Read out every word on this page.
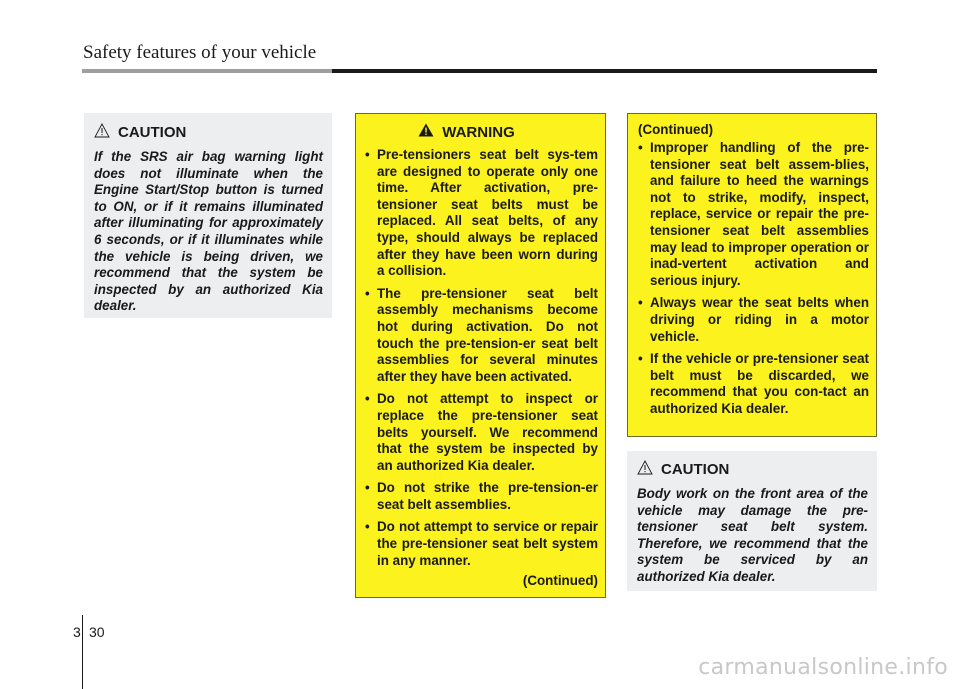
Safety features of your vehicle
CAUTION

If the SRS air bag warning light does not illuminate when the Engine Start/Stop button is turned to ON, or if it remains illuminated after illuminating for approximately 6 seconds, or if it illuminates while the vehicle is being driven, we recommend that the system be inspected by an authorized Kia dealer.

WARNING
• Pre-tensioners seat belt sys-tem are designed to operate only one time. After activation, pre-tensioner seat belts must be replaced. All seat belts, of any type, should always be replaced after they have been worn during a collision.
• The pre-tensioner seat belt assembly mechanisms become hot during activation. Do not touch the pre-tension-er seat belt assemblies for several minutes after they have been activated.
• Do not attempt to inspect or replace the pre-tensioner seat belts yourself. We recommend that the system be inspected by an authorized Kia dealer.
• Do not strike the pre-tension-er seat belt assemblies.
• Do not attempt to service or repair the pre-tensioner seat belt system in any manner.
(Continued)
(Continued)
• Improper handling of the pre-tensioner seat belt assem-blies, and failure to heed the warnings not to strike, modify, inspect, replace, service or repair the pre-tensioner seat belt assemblies may lead to improper operation or inad-vertent activation and serious injury.
• Always wear the seat belts when driving or riding in a motor vehicle.
• If the vehicle or pre-tensioner seat belt must be discarded, we recommend that you con-tact an authorized Kia dealer.
CAUTION

Body work on the front area of the vehicle may damage the pre-tensioner seat belt system. Therefore, we recommend that the system be serviced by an authorized Kia dealer.

3 30
carmanualsonline.info
